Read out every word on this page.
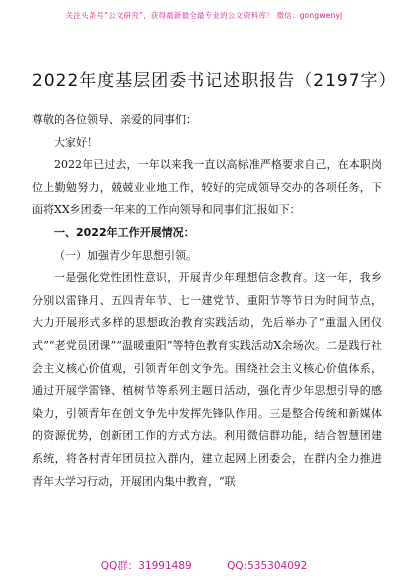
关注头条号“公文研究”，获得最新最全最专业的公文资料库！ 微信：gongwenyj
2022年度基层团委书记述职报告（2197字）

尊敬的各位领导、亲爱的同事们：

大家好！

2022年已过去，一年以来我一直以高标准严格要求自己，在本职岗位上勤勉努力，兢兢业业地工作，较好的完成领导交办的各项任务，下面将XX乡团委一年来的工作向领导和同事们汇报如下：

一、2022年工作开展情况：

（一）加强青少年思想引领。

一是强化党性团性意识，开展青少年理想信念教育。这一年，我乡分别以雷锋月、五四青年节、七一建党节、重阳节等节日为时间节点，大力开展形式多样的思想政治教育实践活动，先后举办了“重温入团仪式”“老党员团课”“温暖重阳”等特色教育实践活动X余场次。二是践行社会主义核心价值观，引领青年创文争先。围绕社会主义核心价值体系，通过开展学雷锋、植树节等系列主题日活动，强化青少年思想引导的感染力，引领青年在创文争先中发挥先锋队作用。三是整合传统和新媒体的资源优势，创新团工作的方式方法。利用微信群功能，结合智慧团建系统，将各村青年团员拉入群内，建立起网上团委会，在群内全力推进青年大学习行动，开展团内集中教育，“联

QQ群：31991489	QQ:535304092
